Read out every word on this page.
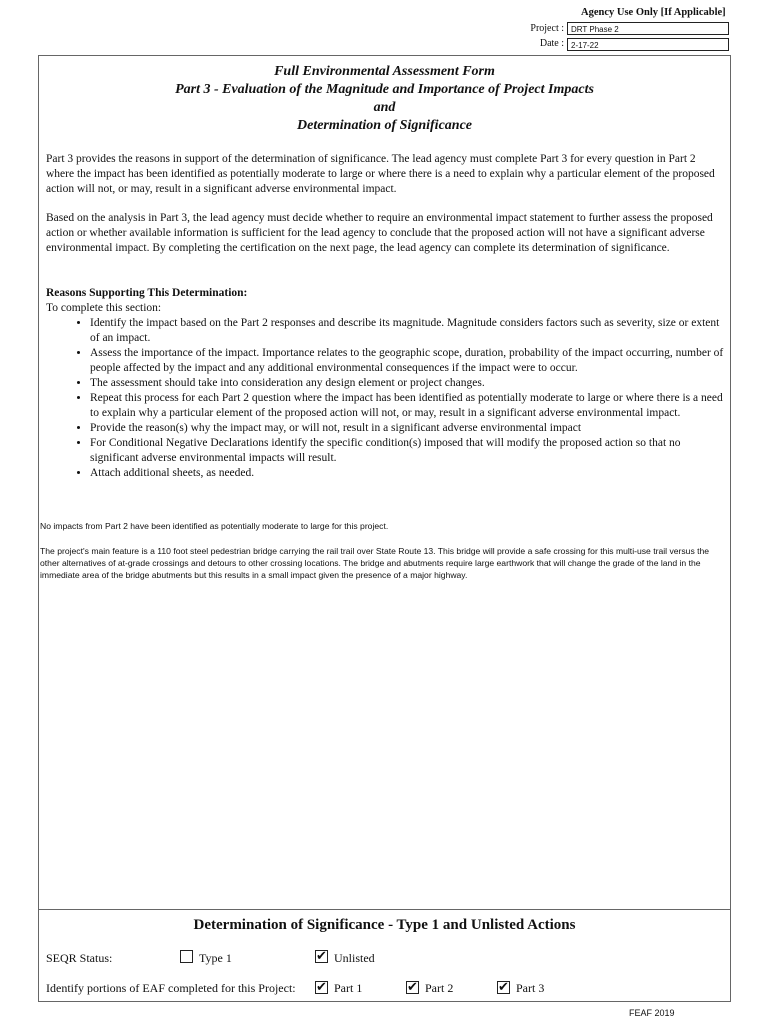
Agency Use Only [If Applicable]
Project : DRT Phase 2
Date : 2-17-22
Full Environmental Assessment Form
Part 3 - Evaluation of the Magnitude and Importance of Project Impacts
and
Determination of Significance
Part 3 provides the reasons in support of the determination of significance. The lead agency must complete Part 3 for every question in Part 2 where the impact has been identified as potentially moderate to large or where there is a need to explain why a particular element of the proposed action will not, or may, result in a significant adverse environmental impact.
Based on the analysis in Part 3, the lead agency must decide whether to require an environmental impact statement to further assess the proposed action or whether available information is sufficient for the lead agency to conclude that the proposed action will not have a significant adverse environmental impact. By completing the certification on the next page, the lead agency can complete its determination of significance.
Reasons Supporting This Determination:
To complete this section:
• Identify the impact based on the Part 2 responses and describe its magnitude. Magnitude considers factors such as severity, size or extent of an impact.
• Assess the importance of the impact. Importance relates to the geographic scope, duration, probability of the impact occurring, number of people affected by the impact and any additional environmental consequences if the impact were to occur.
• The assessment should take into consideration any design element or project changes.
• Repeat this process for each Part 2 question where the impact has been identified as potentially moderate to large or where there is a need to explain why a particular element of the proposed action will not, or may, result in a significant adverse environmental impact.
• Provide the reason(s) why the impact may, or will not, result in a significant adverse environmental impact
• For Conditional Negative Declarations identify the specific condition(s) imposed that will modify the proposed action so that no significant adverse environmental impacts will result.
• Attach additional sheets, as needed.
No impacts from Part 2 have been identified as potentially moderate to large for this project.
The project's main feature is a 110 foot steel pedestrian bridge carrying the rail trail over State Route 13. This bridge will provide a safe crossing for this multi-use trail versus the other alternatives of at-grade crossings and detours to other crossing locations. The bridge and abutments require large earthwork that will change the grade of the land in the immediate area of the bridge abutments but this results in a small impact given the presence of a major highway.
Determination of Significance - Type 1 and Unlisted Actions
SEQR Status:	Type 1	✔ Unlisted
Identify portions of EAF completed for this Project: ✔ Part 1	✔ Part 2	✔ Part 3
FEAF 2019
